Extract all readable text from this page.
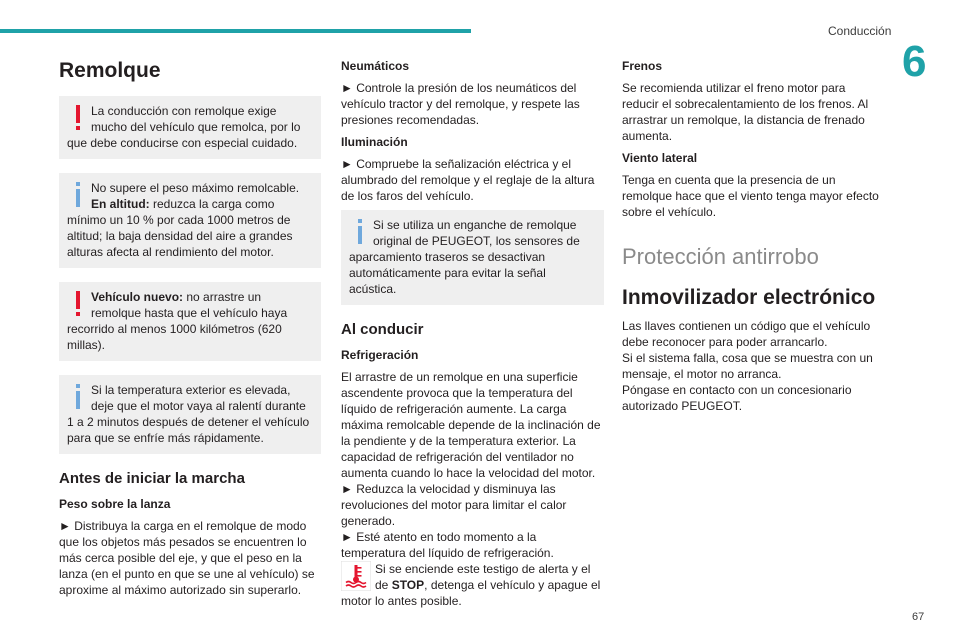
Conducción
6
67
Remolque
La conducción con remolque exige mucho del vehículo que remolca, por lo que debe conducirse con especial cuidado.
No supere el peso máximo remolcable.
En altitud: reduzca la carga como mínimo un 10 % por cada 1000 metros de altitud; la baja densidad del aire a grandes alturas afecta al rendimiento del motor.
Vehículo nuevo: no arrastre un remolque hasta que el vehículo haya recorrido al menos 1000 kilómetros (620 millas).
Si la temperatura exterior es elevada, deje que el motor vaya al ralentí durante 1 a 2 minutos después de detener el vehículo para que se enfríe más rápidamente.
Antes de iniciar la marcha
Peso sobre la lanza

► Distribuya la carga en el remolque de modo que los objetos más pesados se encuentren lo más cerca posible del eje, y que el peso en la lanza (en el punto en que se une al vehículo) se aproxime al máximo autorizado sin superarlo.

Neumáticos

► Controle la presión de los neumáticos del vehículo tractor y del remolque, y respete las presiones recomendadas.

Iluminación

► Compruebe la señalización eléctrica y el alumbrado del remolque y el reglaje de la altura de los faros del vehículo.

Si se utiliza un enganche de remolque original de PEUGEOT, los sensores de aparcamiento traseros se desactivan automáticamente para evitar la señal acústica.
Al conducir
Refrigeración

El arrastre de un remolque en una superficie ascendente provoca que la temperatura del líquido de refrigeración aumente. La carga máxima remolcable depende de la inclinación de la pendiente y de la temperatura exterior. La capacidad de refrigeración del ventilador no aumenta cuando lo hace la velocidad del motor.

► Reduzca la velocidad y disminuya las revoluciones del motor para limitar el calor generado.

► Esté atento en todo momento a la temperatura del líquido de refrigeración.

Si se enciende este testigo de alerta y el de STOP, detenga el vehículo y apague el motor lo antes posible.
Frenos

Se recomienda utilizar el freno motor para reducir el sobrecalentamiento de los frenos. Al arrastrar un remolque, la distancia de frenado aumenta.

Viento lateral

Tenga en cuenta que la presencia de un remolque hace que el viento tenga mayor efecto sobre el vehículo.

Protección antirrobo
Inmovilizador electrónico

Las llaves contienen un código que el vehículo debe reconocer para poder arrancarlo.

Si el sistema falla, cosa que se muestra con un mensaje, el motor no arranca.

Póngase en contacto con un concesionario autorizado PEUGEOT.
